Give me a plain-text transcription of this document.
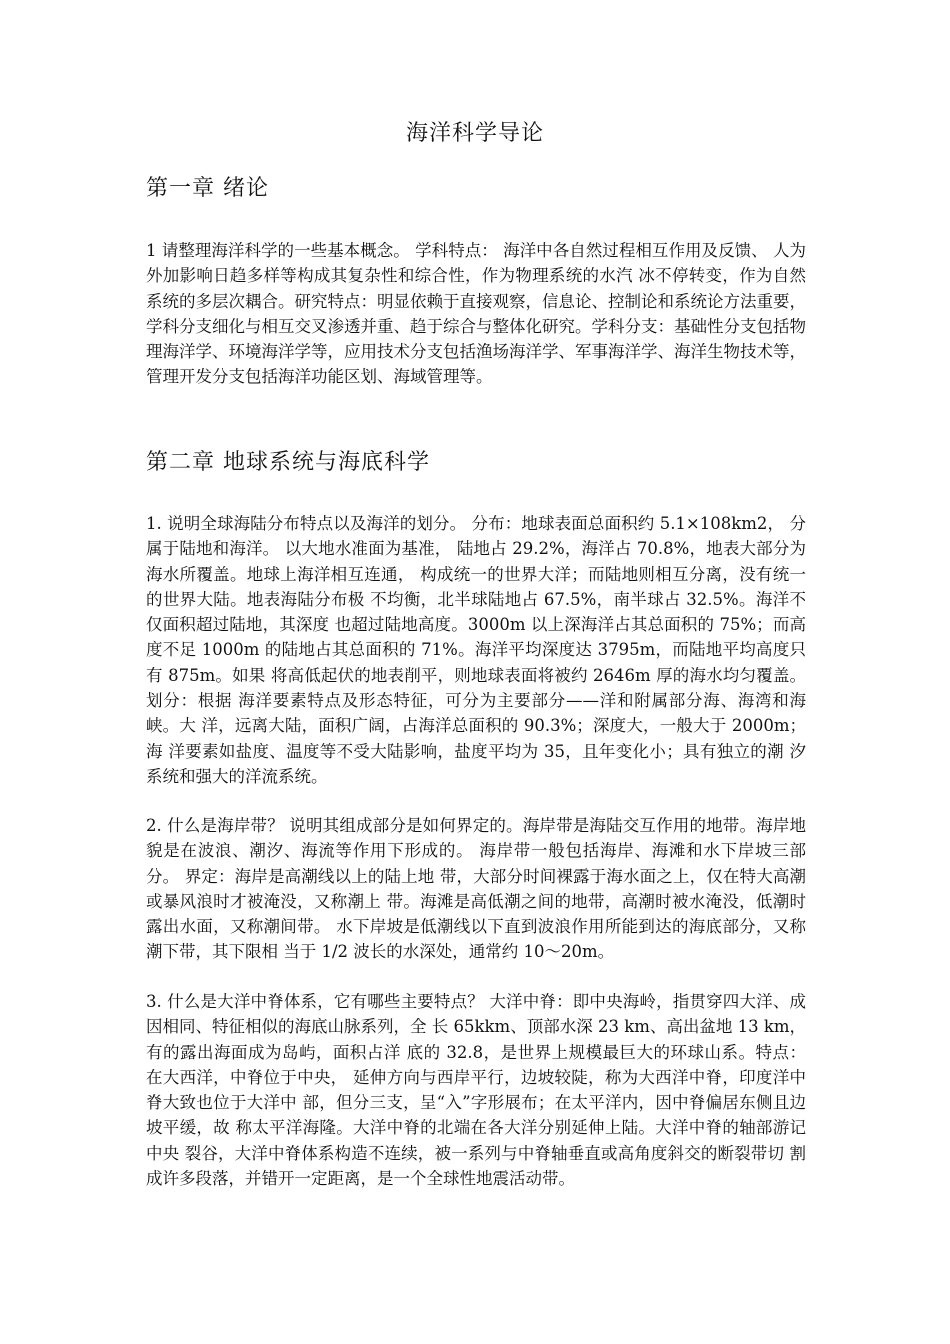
海洋科学导论
第一章 绪论

1 请整理海洋科学的一些基本概念。 学科特点： 海洋中各自然过程相互作用及反馈、 人为外加影响日趋多样等构成其复杂性和综合性，作为物理系统的水汽 冰不停转变，作为自然系统的多层次耦合。研究特点：明显依赖于直接观察，信息论、控制论和系统论方法重要， 学科分支细化与相互交叉渗透并重、趋于综合与整体化研究。学科分支：基础性分支包括物理海洋学、环境海洋学等，应用技术分支包括渔场海洋学、军事海洋学、海洋生物技术等，管理开发分支包括海洋功能区划、海域管理等。

第二章 地球系统与海底科学

1. 说明全球海陆分布特点以及海洋的划分。 分布：地球表面总面积约 5.1×108km2， 分属于陆地和海洋。 以大地水准面为基准， 陆地占 29.2%，海洋占 70.8%，地表大部分为海水所覆盖。地球上海洋相互连通， 构成统一的世界大洋；而陆地则相互分离，没有统一的世界大陆。地表海陆分布极 不均衡，北半球陆地占 67.5%，南半球占 32.5%。海洋不仅面积超过陆地，其深度 也超过陆地高度。3000m 以上深海洋占其总面积的 75%；而高度不足 1000m 的陆地占其总面积的 71%。海洋平均深度达 3795m，而陆地平均高度只有 875m。如果 将高低起伏的地表削平，则地球表面将被约 2646m 厚的海水均匀覆盖。划分：根据 海洋要素特点及形态特征，可分为主要部分——洋和附属部分海、海湾和海峡。大 洋，远离大陆，面积广阔，占海洋总面积的 90.3%；深度大，一般大于 2000m；海 洋要素如盐度、温度等不受大陆影响，盐度平均为 35，且年变化小；具有独立的潮 汐系统和强大的洋流系统。

2. 什么是海岸带？ 说明其组成部分是如何界定的。海岸带是海陆交互作用的地带。海岸地貌是在波浪、潮汐、海流等作用下形成的。 海岸带一般包括海岸、海滩和水下岸坡三部分。 界定：海岸是高潮线以上的陆上地 带，大部分时间裸露于海水面之上，仅在特大高潮或暴风浪时才被淹没，又称潮上 带。海滩是高低潮之间的地带，高潮时被水淹没，低潮时露出水面，又称潮间带。 水下岸坡是低潮线以下直到波浪作用所能到达的海底部分，又称潮下带，其下限相 当于 1/2 波长的水深处，通常约 10～20m。

3. 什么是大洋中脊体系，它有哪些主要特点？ 大洋中脊：即中央海岭，指贯穿四大洋、成因相同、特征相似的海底山脉系列，全 长 65kkm、顶部水深 23 km、高出盆地 13 km，有的露出海面成为岛屿，面积占洋 底的 32.8，是世界上规模最巨大的环球山系。特点： 在大西洋，中脊位于中央， 延伸方向与西岸平行，边坡较陡，称为大西洋中脊，印度洋中脊大致也位于大洋中 部，但分三支，呈“入”字形展布；在太平洋内，因中脊偏居东侧且边坡平缓，故 称太平洋海隆。大洋中脊的北端在各大洋分别延伸上陆。大洋中脊的轴部游记中央 裂谷，大洋中脊体系构造不连续，被一系列与中脊轴垂直或高角度斜交的断裂带切 割成许多段落，并错开一定距离，是一个全球性地震活动带。
